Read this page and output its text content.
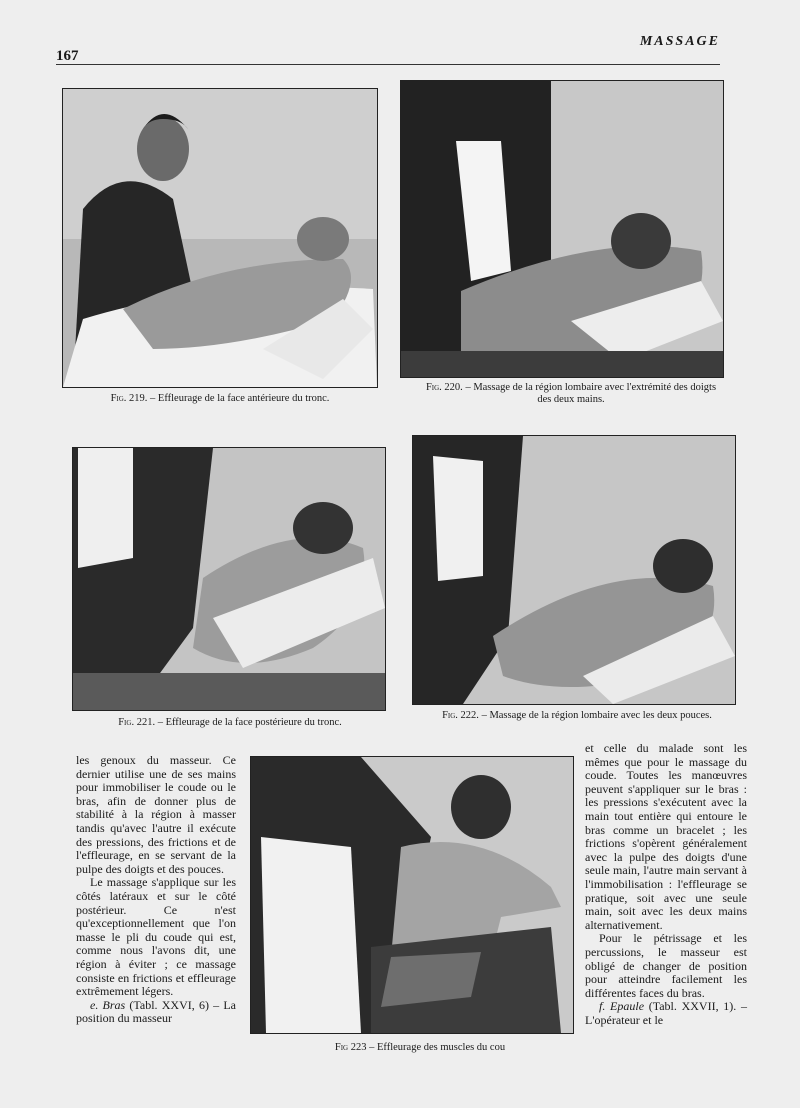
167
MASSAGE
Fig. 219. – Effleurage de la face antérieure du tronc.
Fig. 220. – Massage de la région lombaire avec l'extrémité des doigts des deux mains.
Fig. 221. – Effleurage de la face postérieure du tronc.
Fig. 222. – Massage de la région lombaire avec les deux pouces.
Fig 223 – Effleurage des muscles du cou

les genoux du masseur. Ce dernier utilise une de ses mains pour immobiliser le coude ou le bras, afin de donner plus de stabilité à la région à masser tandis qu'avec l'autre il exécute des pressions, des frictions et de l'effleurage, en se servant de la pulpe des doigts et des pouces.

Le massage s'applique sur les côtés latéraux et sur le côté postérieur. Ce n'est qu'exceptionnellement que l'on masse le pli du coude qui est, comme nous l'avons dit, une région à éviter ; ce massage consiste en frictions et effleurage extrêmement légers.

e. Bras (Tabl. XXVI, 6) – La position du masseur

et celle du malade sont les mêmes que pour le massage du coude. Toutes les manœuvres peuvent s'appliquer sur le bras : les pressions s'exécutent avec la main tout entière qui entoure le bras comme un bracelet ; les frictions s'opèrent généralement avec la pulpe des doigts d'une seule main, l'autre main servant à l'immobilisation : l'effleurage se pratique, soit avec une seule main, soit avec les deux mains alternativement.

Pour le pétrissage et les percussions, le masseur est obligé de changer de position pour atteindre facilement les différentes faces du bras.

f. Epaule (Tabl. XXVII, 1). – L'opérateur et le
